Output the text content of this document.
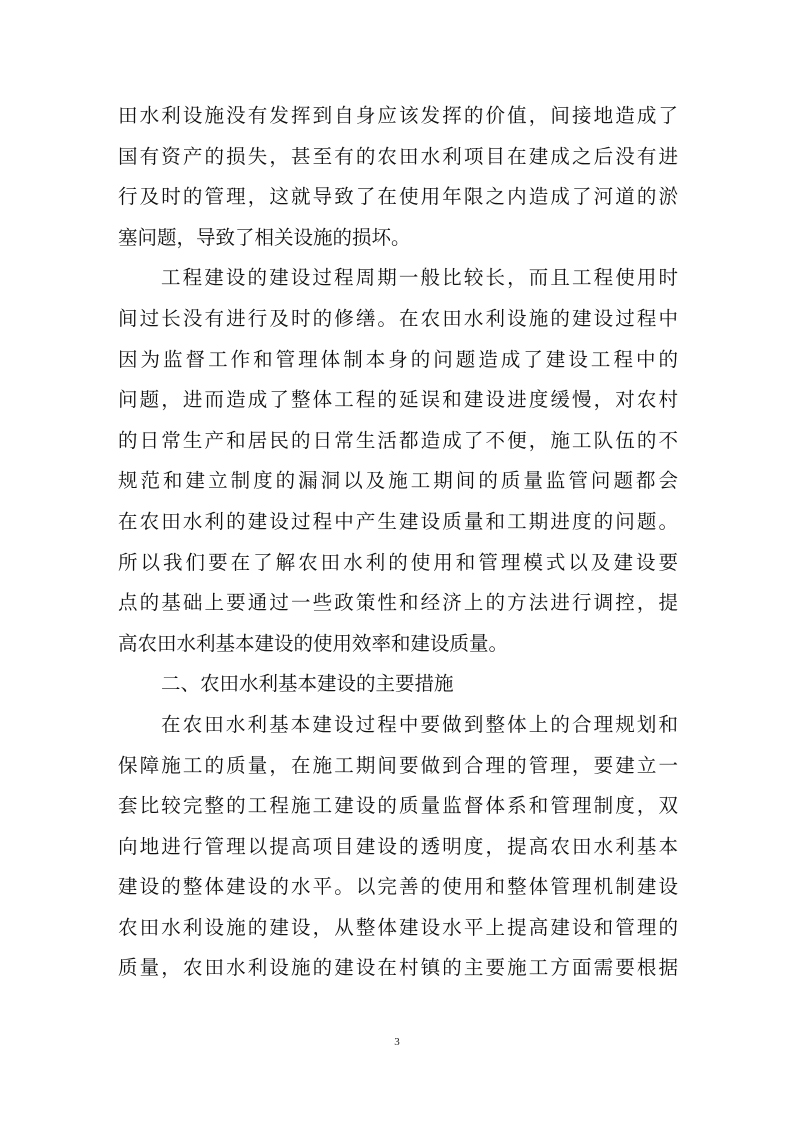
田水利设施没有发挥到自身应该发挥的价值，间接地造成了
国有资产的损失，甚至有的农田水利项目在建成之后没有进
行及时的管理，这就导致了在使用年限之内造成了河道的淤
塞问题，导致了相关设施的损坏。
工程建设的建设过程周期一般比较长，而且工程使用时
间过长没有进行及时的修缮。在农田水利设施的建设过程中
因为监督工作和管理体制本身的问题造成了建设工程中的
问题，进而造成了整体工程的延误和建设进度缓慢，对农村
的日常生产和居民的日常生活都造成了不便，施工队伍的不
规范和建立制度的漏洞以及施工期间的质量监管问题都会
在农田水利的建设过程中产生建设质量和工期进度的问题。
所以我们要在了解农田水利的使用和管理模式以及建设要
点的基础上要通过一些政策性和经济上的方法进行调控，提
高农田水利基本建设的使用效率和建设质量。
二、农田水利基本建设的主要措施
在农田水利基本建设过程中要做到整体上的合理规划和
保障施工的质量，在施工期间要做到合理的管理，要建立一
套比较完整的工程施工建设的质量监督体系和管理制度，双
向地进行管理以提高项目建设的透明度，提高农田水利基本
建设的整体建设的水平。以完善的使用和整体管理机制建设
农田水利设施的建设，从整体建设水平上提高建设和管理的
质量，农田水利设施的建设在村镇的主要施工方面需要根据
3
